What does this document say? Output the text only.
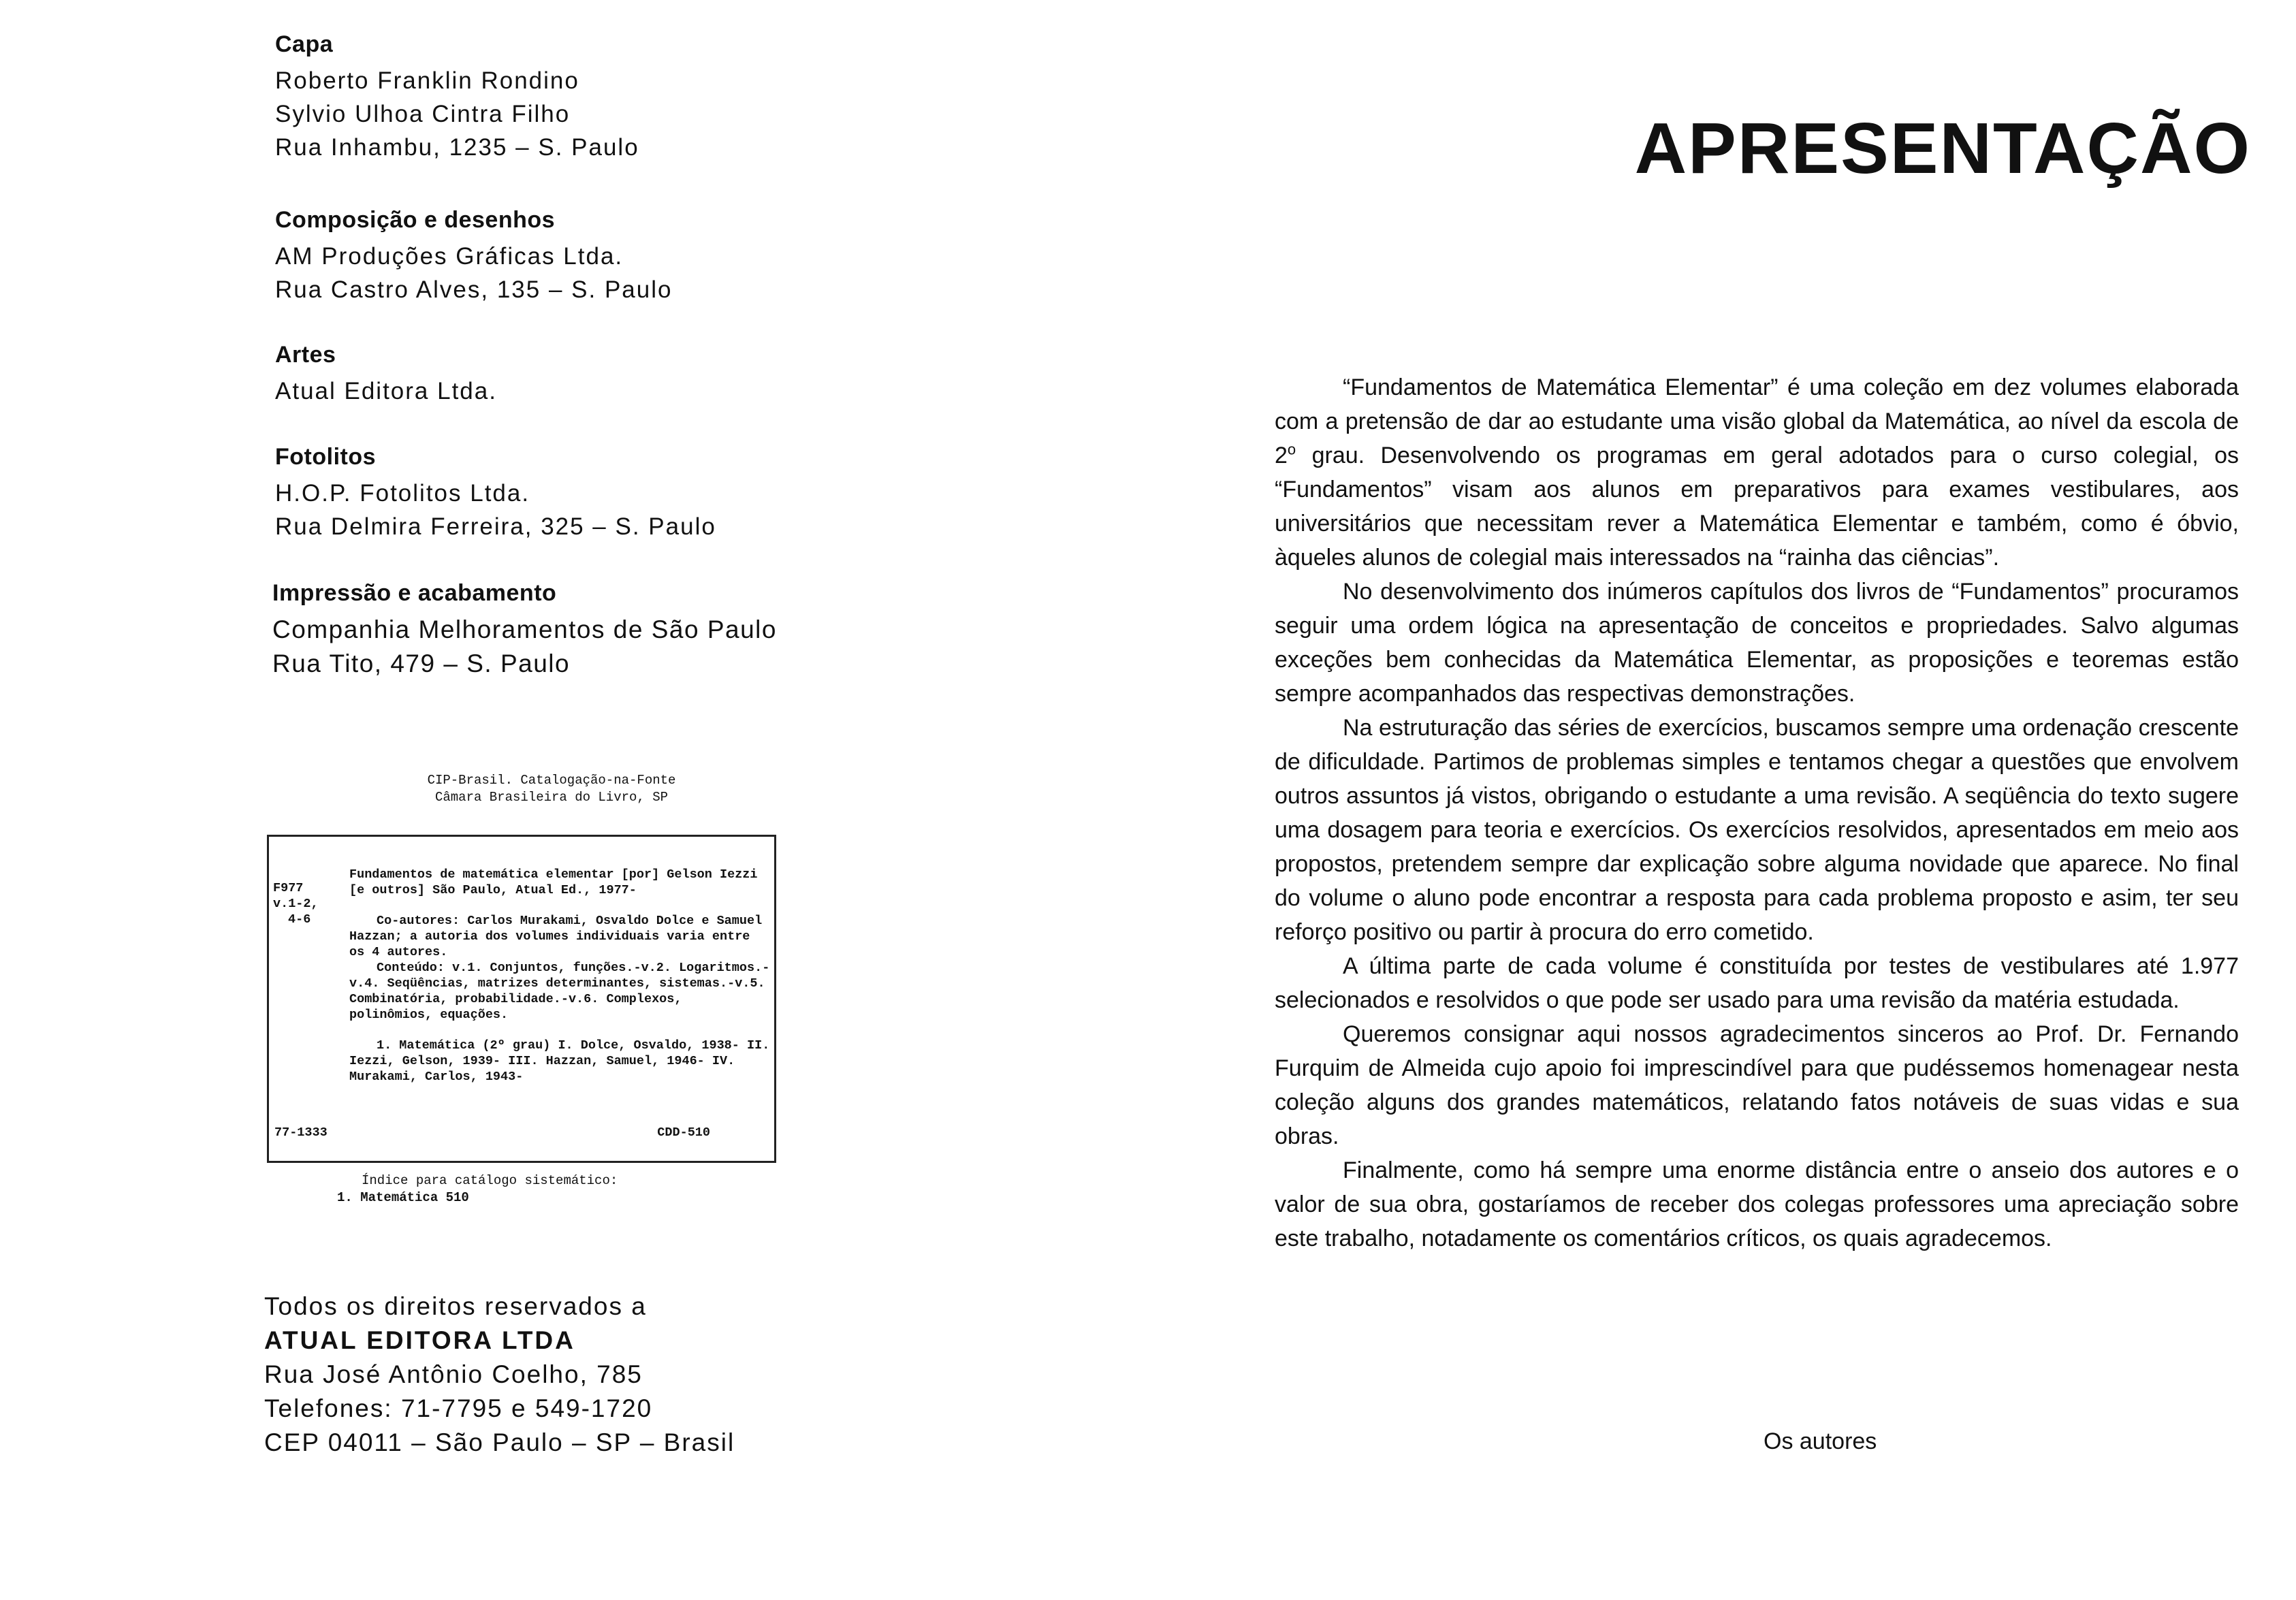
Capa
Roberto Franklin Rondino
Sylvio Ulhoa Cintra Filho
Rua Inhambu, 1235 – S. Paulo
Composição e desenhos
AM Produções Gráficas Ltda.
Rua Castro Alves, 135 – S. Paulo
Artes
Atual Editora Ltda.
Fotolitos
H.O.P. Fotolitos Ltda.
Rua Delmira Ferreira, 325 – S. Paulo
Impressão e acabamento
Companhia Melhoramentos de São Paulo
Rua Tito, 479 – S. Paulo
CIP-Brasil. Catalogação-na-Fonte
Câmara Brasileira do Livro, SP
F977
v.1-2,
4-6

Fundamentos de matemática elementar [por] Gelson Iezzi [e outros] São Paulo, Atual Ed., 1977-

Co-autores: Carlos Murakami, Osvaldo Dolce e Samuel Hazzan; a autoria dos volumes individuais varia entre os 4 autores.

Conteúdo: v.1. Conjuntos, funções.-v.2. Logaritmos.-v.4. Seqüências, matrizes determinantes, sistemas.-v.5. Combinatória, probabilidade.-v.6. Complexos, polinômios, equações.

1. Matemática (2º grau) I. Dolce, Osvaldo, 1938- II. Iezzi, Gelson, 1939- III. Hazzan, Samuel, 1946- IV. Murakami, Carlos, 1943-

77-1333	CDD-510
Índice para catálogo sistemático:
1. Matemática 510
Todos os direitos reservados a
ATUAL EDITORA LTDA
Rua José Antônio Coelho, 785
Telefones: 71-7795 e 549-1720
CEP 04011 – São Paulo – SP – Brasil
APRESENTAÇÃO

“Fundamentos de Matemática Elementar” é uma coleção em dez volumes elaborada com a pretensão de dar ao estudante uma visão global da Matemática, ao nível da escola de 2$^o$ grau. Desenvolvendo os programas em geral adotados para o curso colegial, os “Fundamentos” visam aos alunos em preparativos para exames vestibulares, aos universitários que necessitam rever a Matemática Elementar e também, como é óbvio, àqueles alunos de colegial mais interessados na “rainha das ciências”.

No desenvolvimento dos inúmeros capítulos dos livros de “Fundamentos” procuramos seguir uma ordem lógica na apresentação de conceitos e propriedades. Salvo algumas exceções bem conhecidas da Matemática Elementar, as proposições e teoremas estão sempre acompanhados das respectivas demonstrações.

Na estruturação das séries de exercícios, buscamos sempre uma ordenação crescente de dificuldade. Partimos de problemas simples e tentamos chegar a questões que envolvem outros assuntos já vistos, obrigando o estudante a uma revisão. A seqüência do texto sugere uma dosagem para teoria e exercícios. Os exercícios resolvidos, apresentados em meio aos propostos, pretendem sempre dar explicação sobre alguma novidade que aparece. No final do volume o aluno pode encontrar a resposta para cada problema proposto e asim, ter seu reforço positivo ou partir à procura do erro cometido.

A última parte de cada volume é constituída por testes de vestibulares até 1.977 selecionados e resolvidos o que pode ser usado para uma revisão da matéria estudada.

Queremos consignar aqui nossos agradecimentos sinceros ao Prof. Dr. Fernando Furquim de Almeida cujo apoio foi imprescindível para que pudéssemos homenagear nesta coleção alguns dos grandes matemáticos, relatando fatos notáveis de suas vidas e sua obras.

Finalmente, como há sempre uma enorme distância entre o anseio dos autores e o valor de sua obra, gostaríamos de receber dos colegas professores uma apreciação sobre este trabalho, notadamente os comentários críticos, os quais agradecemos.

Os autores
